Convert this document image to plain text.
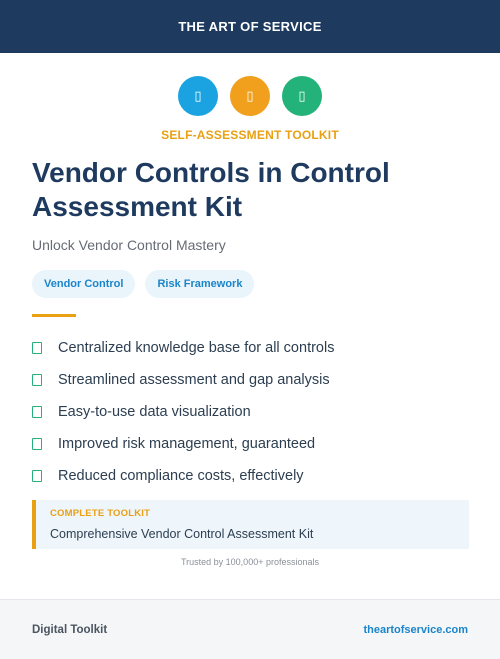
THE ART OF SERVICE
▯	▯	▯
SELF-ASSESSMENT TOOLKIT
Vendor Controls in Control Assessment Kit
Unlock Vendor Control Mastery
Vendor Control	Risk Framework
Centralized knowledge base for all controls
Streamlined assessment and gap analysis
Easy-to-use data visualization
Improved risk management, guaranteed
Reduced compliance costs, effectively
COMPLETE TOOLKIT
Comprehensive Vendor Control Assessment Kit
Trusted by 100,000+ professionals
Digital Toolkit	theartofservice.com
